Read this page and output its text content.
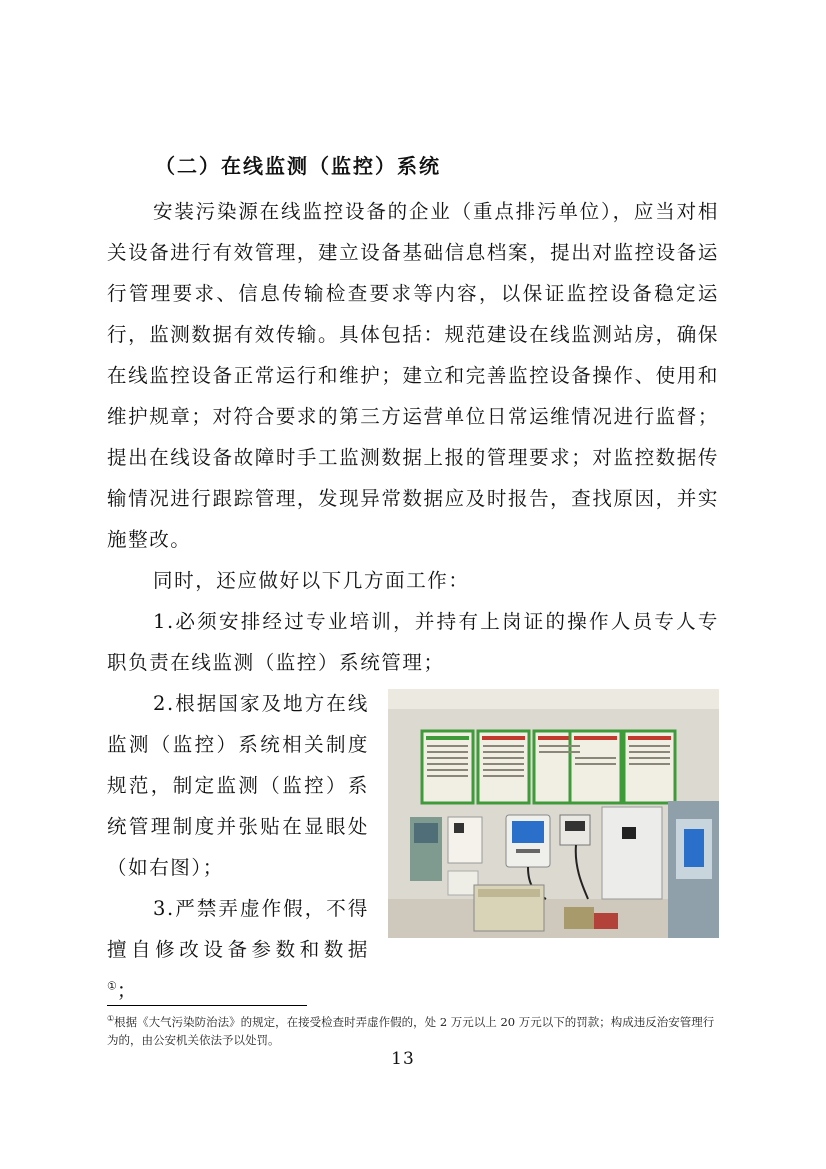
（二）在线监测（监控）系统
安装污染源在线监控设备的企业（重点排污单位），应当对相关设备进行有效管理，建立设备基础信息档案，提出对监控设备运行管理要求、信息传输检查要求等内容，以保证监控设备稳定运行，监测数据有效传输。具体包括：规范建设在线监测站房，确保在线监控设备正常运行和维护；建立和完善监控设备操作、使用和维护规章；对符合要求的第三方运营单位日常运维情况进行监督；提出在线设备故障时手工监测数据上报的管理要求；对监控数据传输情况进行跟踪管理，发现异常数据应及时报告，查找原因，并实施整改。
同时，还应做好以下几方面工作：
1.必须安排经过专业培训，并持有上岗证的操作人员专人专职负责在线监测（监控）系统管理；
2.根据国家及地方在线监测（监控）系统相关制度规范，制定监测（监控）系统管理制度并张贴在显眼处（如右图）；
3.严禁弄虚作假，不得擅自修改设备参数和数据①；
①根据《大气污染防治法》的规定，在接受检查时弄虚作假的，处 2 万元以上 20 万元以下的罚款；构成违反治安管理行为的，由公安机关依法予以处罚。
13
